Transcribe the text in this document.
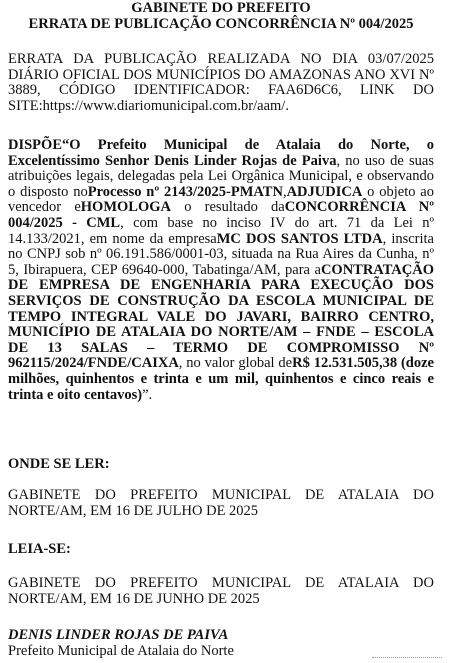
GABINETE DO PREFEITO
ERRATA DE PUBLICAÇÃO CONCORRÊNCIA Nº 004/2025

ERRATA DA PUBLICAÇÃO REALIZADA NO DIA 03/07/2025 DIÁRIO OFICIAL DOS MUNICÍPIOS DO AMAZONAS ANO XVI Nº 3889, CÓDIGO IDENTIFICADOR: FAA6D6C6, LINK DO SITE:https://www.diariomunicipal.com.br/aam/.

DISPÕE“O Prefeito Municipal de Atalaia do Norte, o Excelentíssimo Senhor Denis Linder Rojas de Paiva, no uso de suas atribuições legais, delegadas pela Lei Orgânica Municipal, e observando o disposto noProcesso nº 2143/2025-PMATN,ADJUDICA o objeto ao vencedor eHOMOLOGA o resultado daCONCORRÊNCIA Nº 004/2025 - CML, com base no inciso IV do art. 71 da Lei nº 14.133/2021, em nome da empresaMC DOS SANTOS LTDA, inscrita no CNPJ sob nº 06.191.586/0001-03, situada na Rua Aires da Cunha, nº 5, Ibirapuera, CEP 69640-000, Tabatinga/AM, para aCONTRATAÇÃO DE EMPRESA DE ENGENHARIA PARA EXECUÇÃO DOS SERVIÇOS DE CONSTRUÇÃO DA ESCOLA MUNICIPAL DE TEMPO INTEGRAL VALE DO JAVARI, BAIRRO CENTRO, MUNICÍPIO DE ATALAIA DO NORTE/AM – FNDE – ESCOLA DE 13 SALAS – TERMO DE COMPROMISSO Nº 962115/2024/FNDE/CAIXA, no valor global deR$ 12.531.505,38 (doze milhões, quinhentos e trinta e um mil, quinhentos e cinco reais e trinta e oito centavos)”.

ONDE SE LER:

GABINETE DO PREFEITO MUNICIPAL DE ATALAIA DO NORTE/AM, EM 16 DE JULHO DE 2025

LEIA-SE:

GABINETE DO PREFEITO MUNICIPAL DE ATALAIA DO NORTE/AM, EM 16 DE JUNHO DE 2025

DENIS LINDER ROJAS DE PAIVA
Prefeito Municipal de Atalaia do Norte
